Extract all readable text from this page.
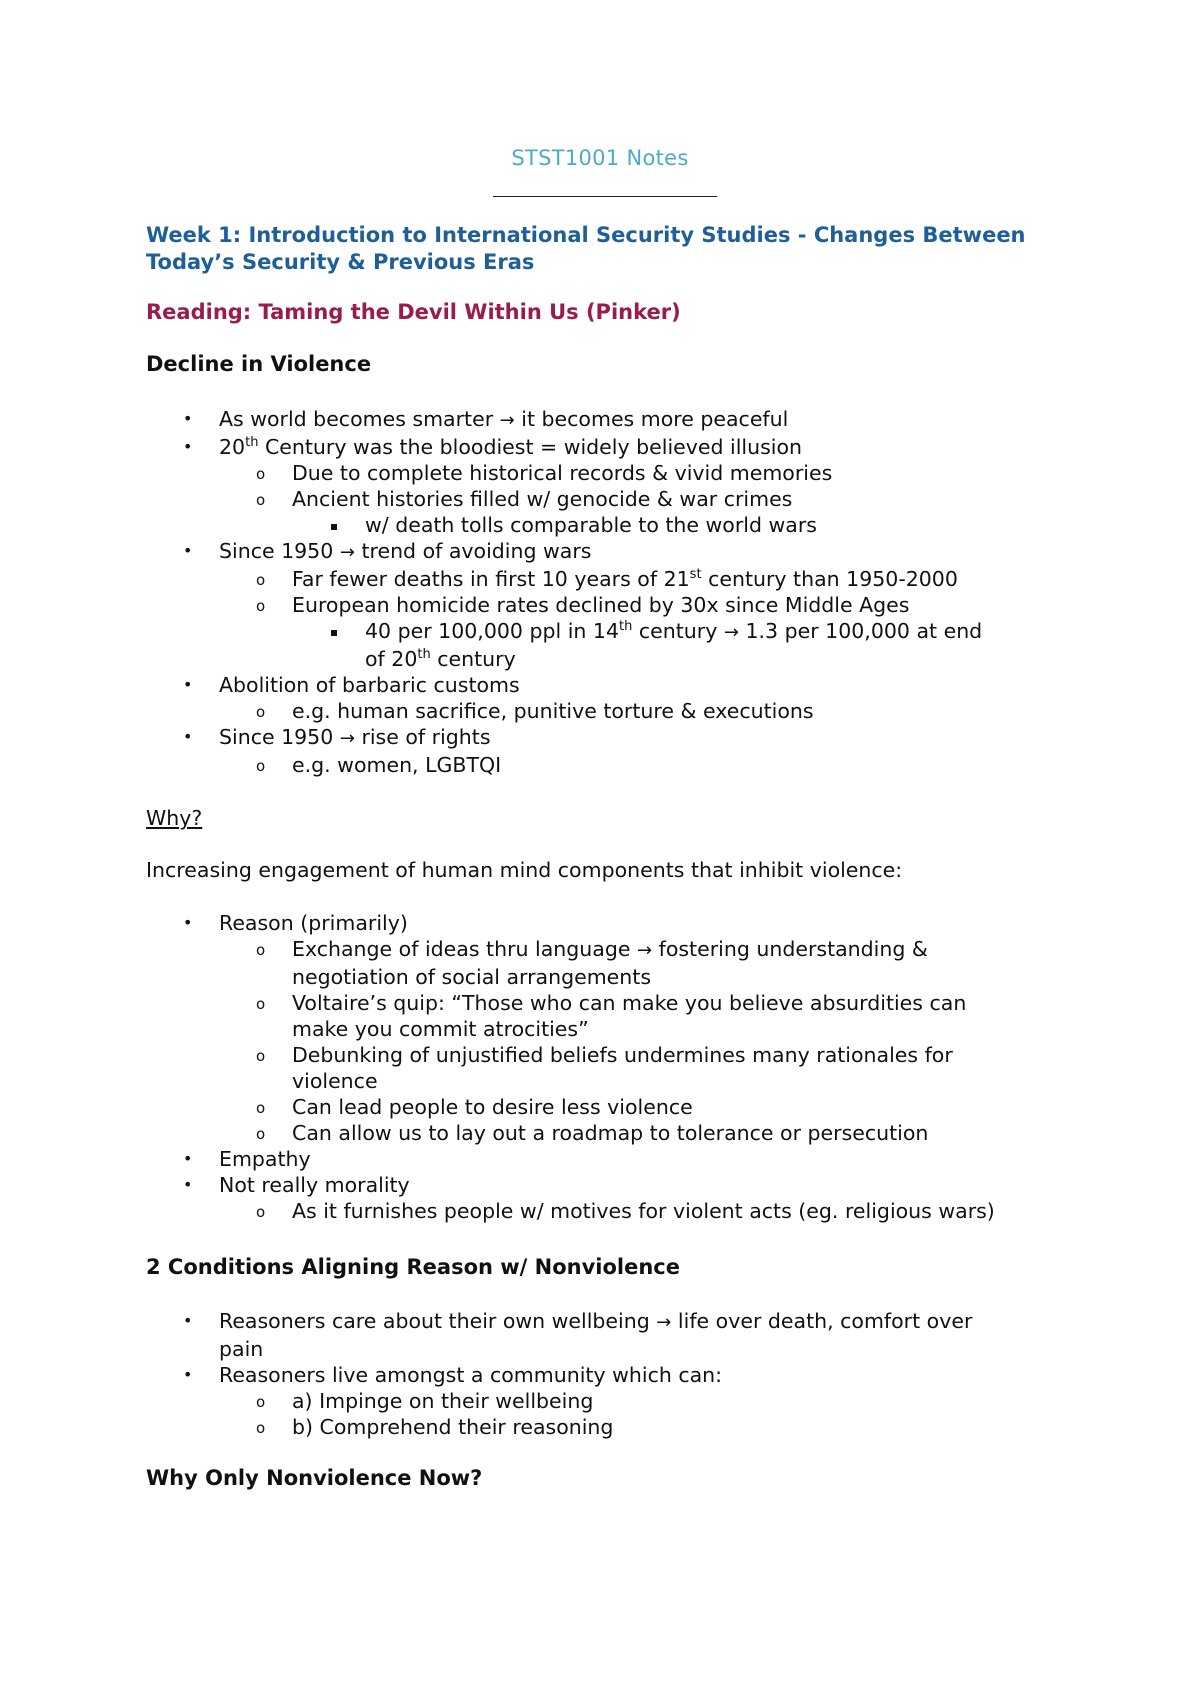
STST1001 Notes
Week 1: Introduction to International Security Studies - Changes Between Today’s Security & Previous Eras
Reading: Taming the Devil Within Us (Pinker)
Decline in Violence
• As world becomes smarter → it becomes more peaceful
• 20th Century was the bloodiest = widely believed illusion
o Due to complete historical records & vivid memories
o Ancient histories filled w/ genocide & war crimes
w/ death tolls comparable to the world wars
• Since 1950 → trend of avoiding wars
o Far fewer deaths in first 10 years of 21st century than 1950-2000
o European homicide rates declined by 30x since Middle Ages
40 per 100,000 ppl in 14th century → 1.3 per 100,000 at end
of 20th century
• Abolition of barbaric customs
o e.g. human sacrifice, punitive torture & executions
• Since 1950 → rise of rights
o e.g. women, LGBTQI
Why?
Increasing engagement of human mind components that inhibit violence:
• Reason (primarily)
o Exchange of ideas thru language → fostering understanding &
negotiation of social arrangements
o Voltaire’s quip: “Those who can make you believe absurdities can
make you commit atrocities”
o Debunking of unjustified beliefs undermines many rationales for
violence
o Can lead people to desire less violence
o Can allow us to lay out a roadmap to tolerance or persecution
• Empathy
• Not really morality
o As it furnishes people w/ motives for violent acts (eg. religious wars)
2 Conditions Aligning Reason w/ Nonviolence
• Reasoners care about their own wellbeing → life over death, comfort over
pain
• Reasoners live amongst a community which can:
o a) Impinge on their wellbeing
o b) Comprehend their reasoning
Why Only Nonviolence Now?
